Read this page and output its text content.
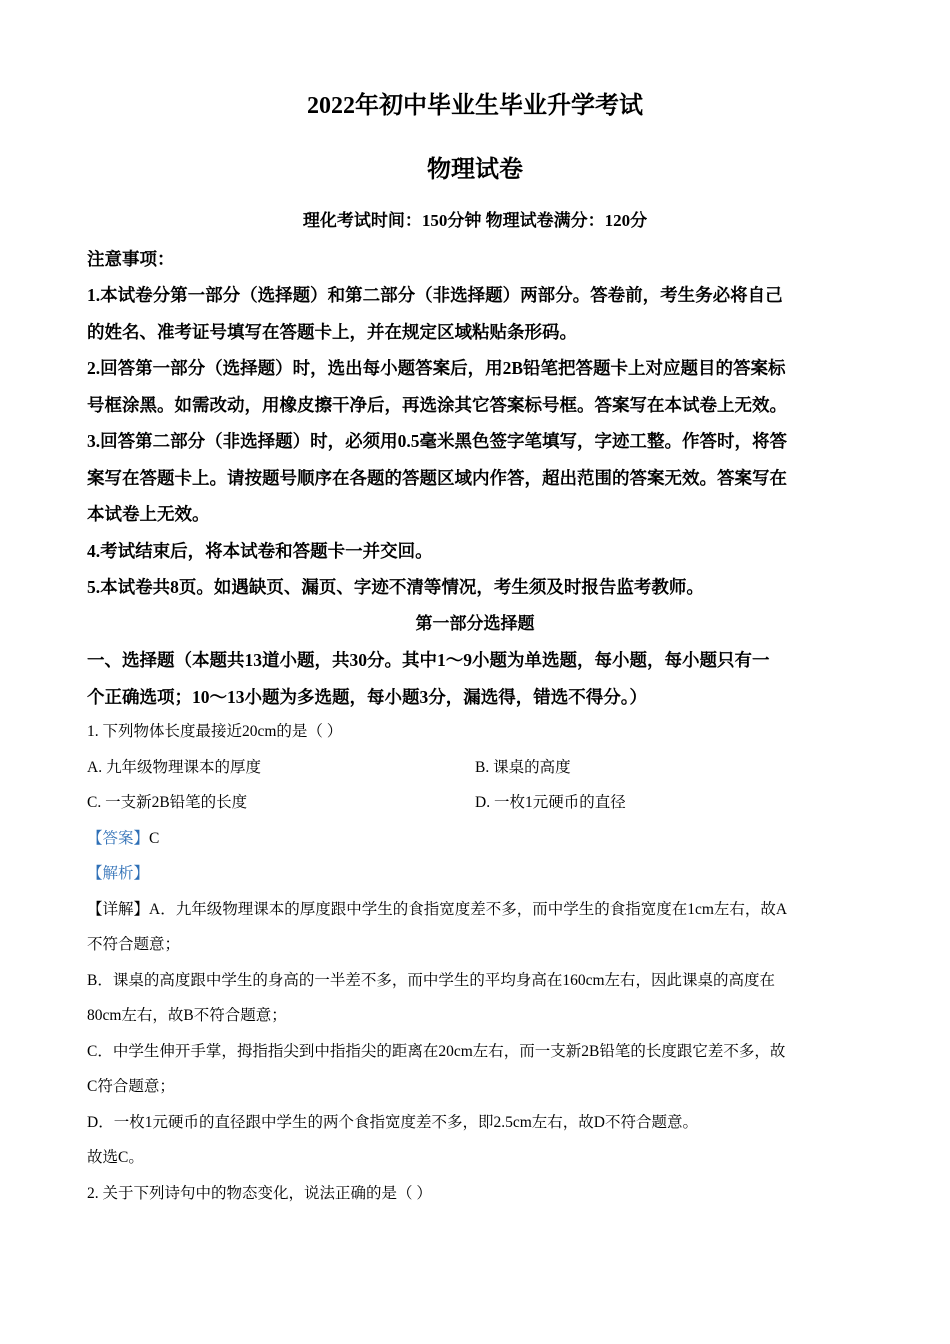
2022年初中毕业生毕业升学考试
物理试卷
理化考试时间：150分钟 物理试卷满分：120分
注意事项：
1.本试卷分第一部分（选择题）和第二部分（非选择题）两部分。答卷前，考生务必将自己
的姓名、准考证号填写在答题卡上，并在规定区域粘贴条形码。
2.回答第一部分（选择题）时，选出每小题答案后，用2B铅笔把答题卡上对应题目的答案标
号框涂黑。如需改动，用橡皮擦干净后，再选涂其它答案标号框。答案写在本试卷上无效。
3.回答第二部分（非选择题）时，必须用0.5毫米黑色签字笔填写，字迹工整。作答时，将答
案写在答题卡上。请按题号顺序在各题的答题区域内作答，超出范围的答案无效。答案写在
本试卷上无效。
4.考试结束后，将本试卷和答题卡一并交回。
5.本试卷共8页。如遇缺页、漏页、字迹不清等情况，考生须及时报告监考教师。
第一部分选择题
一、选择题（本题共13道小题，共30分。其中1～9小题为单选题，每小题，每小题只有一
个正确选项；10～13小题为多选题，每小题3分，漏选得，错选不得分。）
1. 下列物体长度最接近20cm的是（ ）
A. 九年级物理课本的厚度	B. 课桌的高度
C. 一支新2B铅笔的长度	D. 一枚1元硬币的直径
【答案】C
【解析】
【详解】A．九年级物理课本的厚度跟中学生的食指宽度差不多，而中学生的食指宽度在1cm左右，故A
不符合题意；
B．课桌的高度跟中学生的身高的一半差不多，而中学生的平均身高在160cm左右，因此课桌的高度在
80cm左右，故B不符合题意；
C．中学生伸开手掌，拇指指尖到中指指尖的距离在20cm左右，而一支新2B铅笔的长度跟它差不多，故
C符合题意；
D．一枚1元硬币的直径跟中学生的两个食指宽度差不多，即2.5cm左右，故D不符合题意。
故选C。
2. 关于下列诗句中的物态变化，说法正确的是（ ）
